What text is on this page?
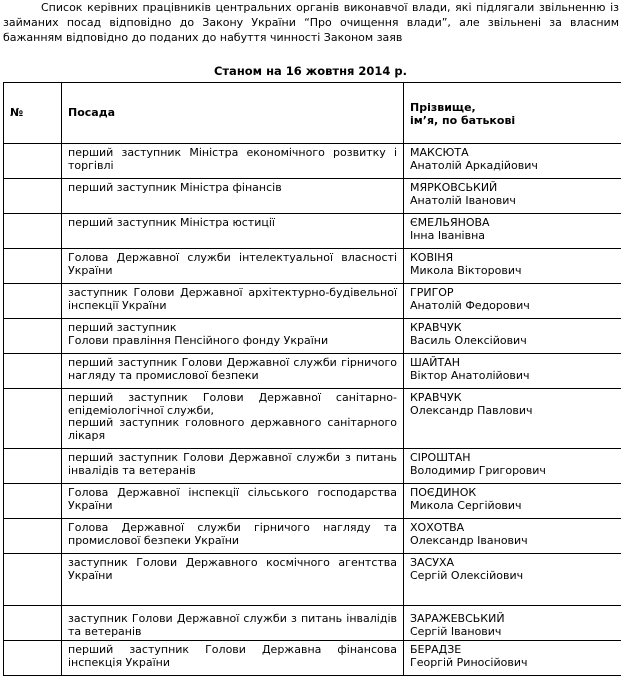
Список керівних працівників центральних органів виконавчої влади, які підлягали звільненню із займаних посад відповідно до Закону України “Про очищення влади”, але звільнені за власним бажанням відповідно до поданих до набуття чинності Законом заяв

Станом на 16 жовтня 2014 р.
№	Посада	Прізвище,
ім’я, по батькові
	перший заступник Міністра економічного розвитку і торгівлі	МАКСЮТА
Анатолій Аркадійович

	перший заступник Міністра фінансів	МЯРКОВСЬКИЙ
Анатолій Іванович

	перший заступник Міністра юстиції	ЄМЕЛЬЯНОВА
Інна Іванівна

	Голова Державної служби інтелектуальної власності України	КОВІНЯ
Микола Вікторович

	заступник Голови Державної архітектурно-будівельної інспекції України	ГРИГОР
Анатолій Федорович

	перший заступник
Голови правління Пенсійного фонду України	КРАВЧУК
Василь Олексійович

	перший заступник Голови Державної служби гірничого нагляду та промислової безпеки	ШАЙТАН
Віктор Анатолійович

	перший заступник Голови Державної санітарно-епідеміологічної служби,
перший заступник головного державного санітарного лікаря	КРАВЧУК
Олександр Павлович

	перший заступник Голови Державної служби з питань інвалідів та ветеранів	СІРОШТАН
Володимир Григорович

	Голова Державної інспекції сільського господарства України	ПОЄДИНОК
Микола Сергійович

	Голова Державної служби гірничого нагляду та промислової безпеки України	ХОХОТВА
Олександр Іванович

	заступник Голови Державного космічного агентства України	ЗАСУХА
Сергій Олексійович

	заступник Голови Державної служби з питань інвалідів та ветеранів	ЗАРАЖЕВСЬКИЙ
Сергій Іванович

	перший заступник Голови Державна фінансова інспекція України	БЕРАДЗЕ
Георгій Риносійович
